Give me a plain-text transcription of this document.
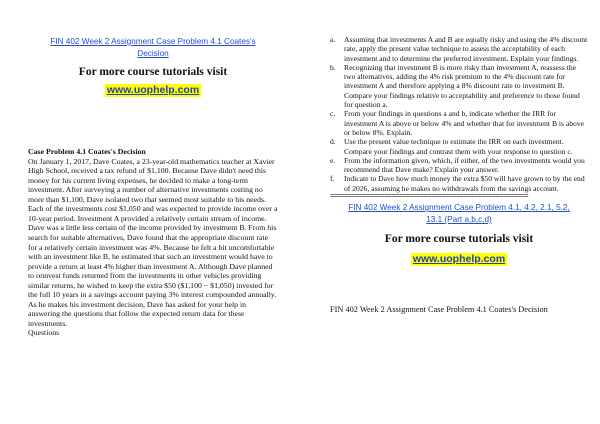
FIN 402 Week 2 Assignment Case Problem 4.1 Coates's
Decision
For more course tutorials visit
www.uophelp.com
Case Problem 4.1 Coates's Decision

On January 1, 2017, Dave Coates, a 23-year-old mathematics teacher at Xavier High School, received a tax refund of $1,100. Because Dave didn't need this money for his current living expenses, he decided to make a long-term investment. After surveying a number of alternative investments costing no more than $1,100, Dave isolated two that seemed most suitable to his needs.

Each of the investments cost $1,050 and was expected to provide income over a 10-year period. Investment A provided a relatively certain stream of income. Dave was a little less certain of the income provided by investment B. From his search for suitable alternatives, Dave found that the appropriate discount rate for a relatively certain investment was 4%. Because he felt a bit uncomfortable with an investment like B, he estimated that such an investment would have to provide a return at least 4% higher than investment A. Although Dave planned to reinvest funds returned from the investments in other vehicles providing similar returns, he wished to keep the extra $50 ($1,100 − $1,050) invested for the full 10 years in a savings account paying 3% interest compounded annually.

As he makes his investment decision, Dave has asked for your help in answering the questions that follow the expected return data for these investments.

Questions

a. Assuming that investments A and B are equally risky and using the 4% discount rate, apply the present value technique to assess the acceptability of each investment and to determine the preferred investment. Explain your findings.
b. Recognizing that investment B is more risky than investment A, reassess the two alternatives, adding the 4% risk premium to the 4% discount rate for investment A and therefore applying a 8% discount rate to investment B. Compare your findings relative to acceptability and preference to those found for question a.
c. From your findings in questions a and b, indicate whether the IRR for investment A is above or below 4% and whether that for investment B is above or below 8%. Explain.
d. Use the present value technique to estimate the IRR on each investment. Compare your findings and contrast them with your response to question c.
e. From the information given, which, if either, of the two investments would you recommend that Dave make? Explain your answer.
f. Indicate to Dave how much money the extra $50 will have grown to by the end of 2026, assuming he makes no withdrawals from the savings account.
=======================================================
FIN 402 Week 2 Assignment Case Problem 4.1, 4.2, 2.1, 5.2,
13.1 (Part a,b,c,d)
For more course tutorials visit
www.uophelp.com
FIN 402 Week 2 Assignment Case Problem 4.1 Coates's Decision
